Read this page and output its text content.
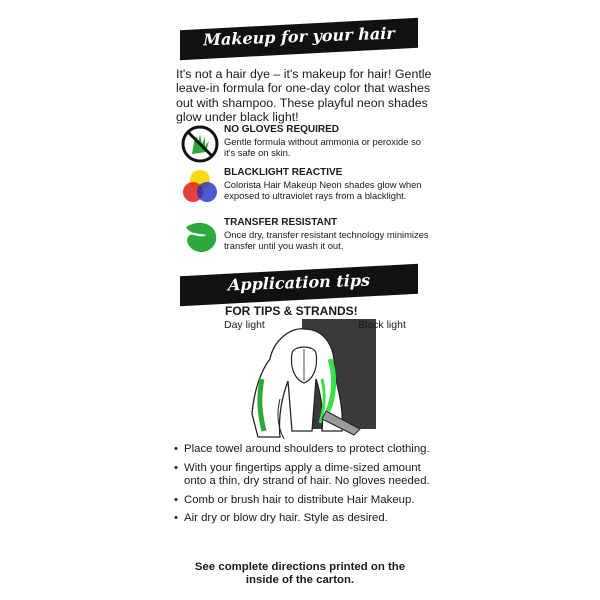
Makeup for your hair
It's not a hair dye – it's makeup for hair! Gentle leave-in formula for one-day color that washes out with shampoo. These playful neon shades glow under black light!
NO GLOVES REQUIRED
Gentle formula without ammonia or peroxide so it's safe on skin.
BLACKLIGHT REACTIVE
Colorista Hair Makeup Neon shades glow when exposed to ultraviolet rays from a blacklight.
TRANSFER RESISTANT
Once dry, transfer resistant technology minimizes transfer until you wash it out.
Application tips
FOR TIPS & STRANDS!
Day light	Black light
• Place towel around shoulders to protect clothing.
• With your fingertips apply a dime-sized amount onto a thin, dry strand of hair. No gloves needed.
• Comb or brush hair to distribute Hair Makeup.
• Air dry or blow dry hair. Style as desired.
See complete directions printed on the inside of the carton.
